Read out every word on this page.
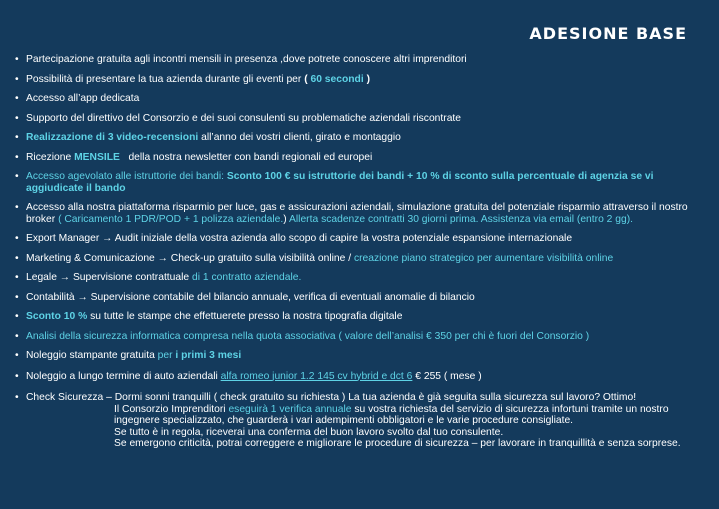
ADESIONE BASE
• Partecipazione gratuita agli incontri mensili in presenza ,dove potrete conoscere altri imprenditori
• Possibilità di presentare la tua azienda durante gli eventi per ( 60 secondi )
• Accesso all’app dedicata
• Supporto del direttivo del Consorzio e dei suoi consulenti su problematiche aziendali riscontrate
• Realizzazione di 3 video-recensioni all’anno dei vostri clienti, girato e montaggio
• Ricezione MENSILE   della nostra newsletter con bandi regionali ed europei
• Accesso agevolato alle istruttorie dei bandi: Sconto 100 € su istruttorie dei bandi + 10 % di sconto sulla percentuale di agenzia se vi aggiudicate il bando
• Accesso alla nostra piattaforma risparmio per luce, gas e assicurazioni aziendali, simulazione gratuita del potenziale risparmio attraverso il nostro broker ( Caricamento 1 PDR/POD + 1 polizza aziendale.) Allerta scadenze contratti 30 giorni prima. Assistenza via email (entro 2 gg).
• Export Manager → Audit iniziale della vostra azienda allo scopo di capire la vostra potenziale espansione internazionale
• Marketing & Comunicazione → Check-up gratuito sulla visibilità online / creazione piano strategico per aumentare visibilità online
• Legale → Supervisione contrattuale di 1 contratto aziendale.
• Contabilità → Supervisione contabile del bilancio annuale, verifica di eventuali anomalie di bilancio
• Sconto 10 % su tutte le stampe che effettuerete presso la nostra tipografia digitale
• Analisi della sicurezza informatica compresa nella quota associativa ( valore dell’analisi € 350 per chi è fuori del Consorzio )
• Noleggio stampante gratuita per i primi 3 mesi
• Noleggio a lungo termine di auto aziendali alfa romeo junior 1.2 145 cv hybrid e dct 6 € 255 ( mese )
• Check Sicurezza – Dormi sonni tranquilli ( check gratuito su richiesta ) La tua azienda è già seguita sulla sicurezza sul lavoro? Ottimo!
Il Consorzio Imprenditori eseguirà 1 verifica annuale su vostra richiesta del servizio di sicurezza infortuni tramite un nostro ingegnere specializzato, che guarderà i vari adempimenti obbligatori e le varie procedure consigliate.
Se tutto è in regola, riceverai una conferma del buon lavoro svolto dal tuo consulente.
Se emergono criticità, potrai correggere e migliorare le procedure di sicurezza – per lavorare in tranquillità e senza sorprese.
